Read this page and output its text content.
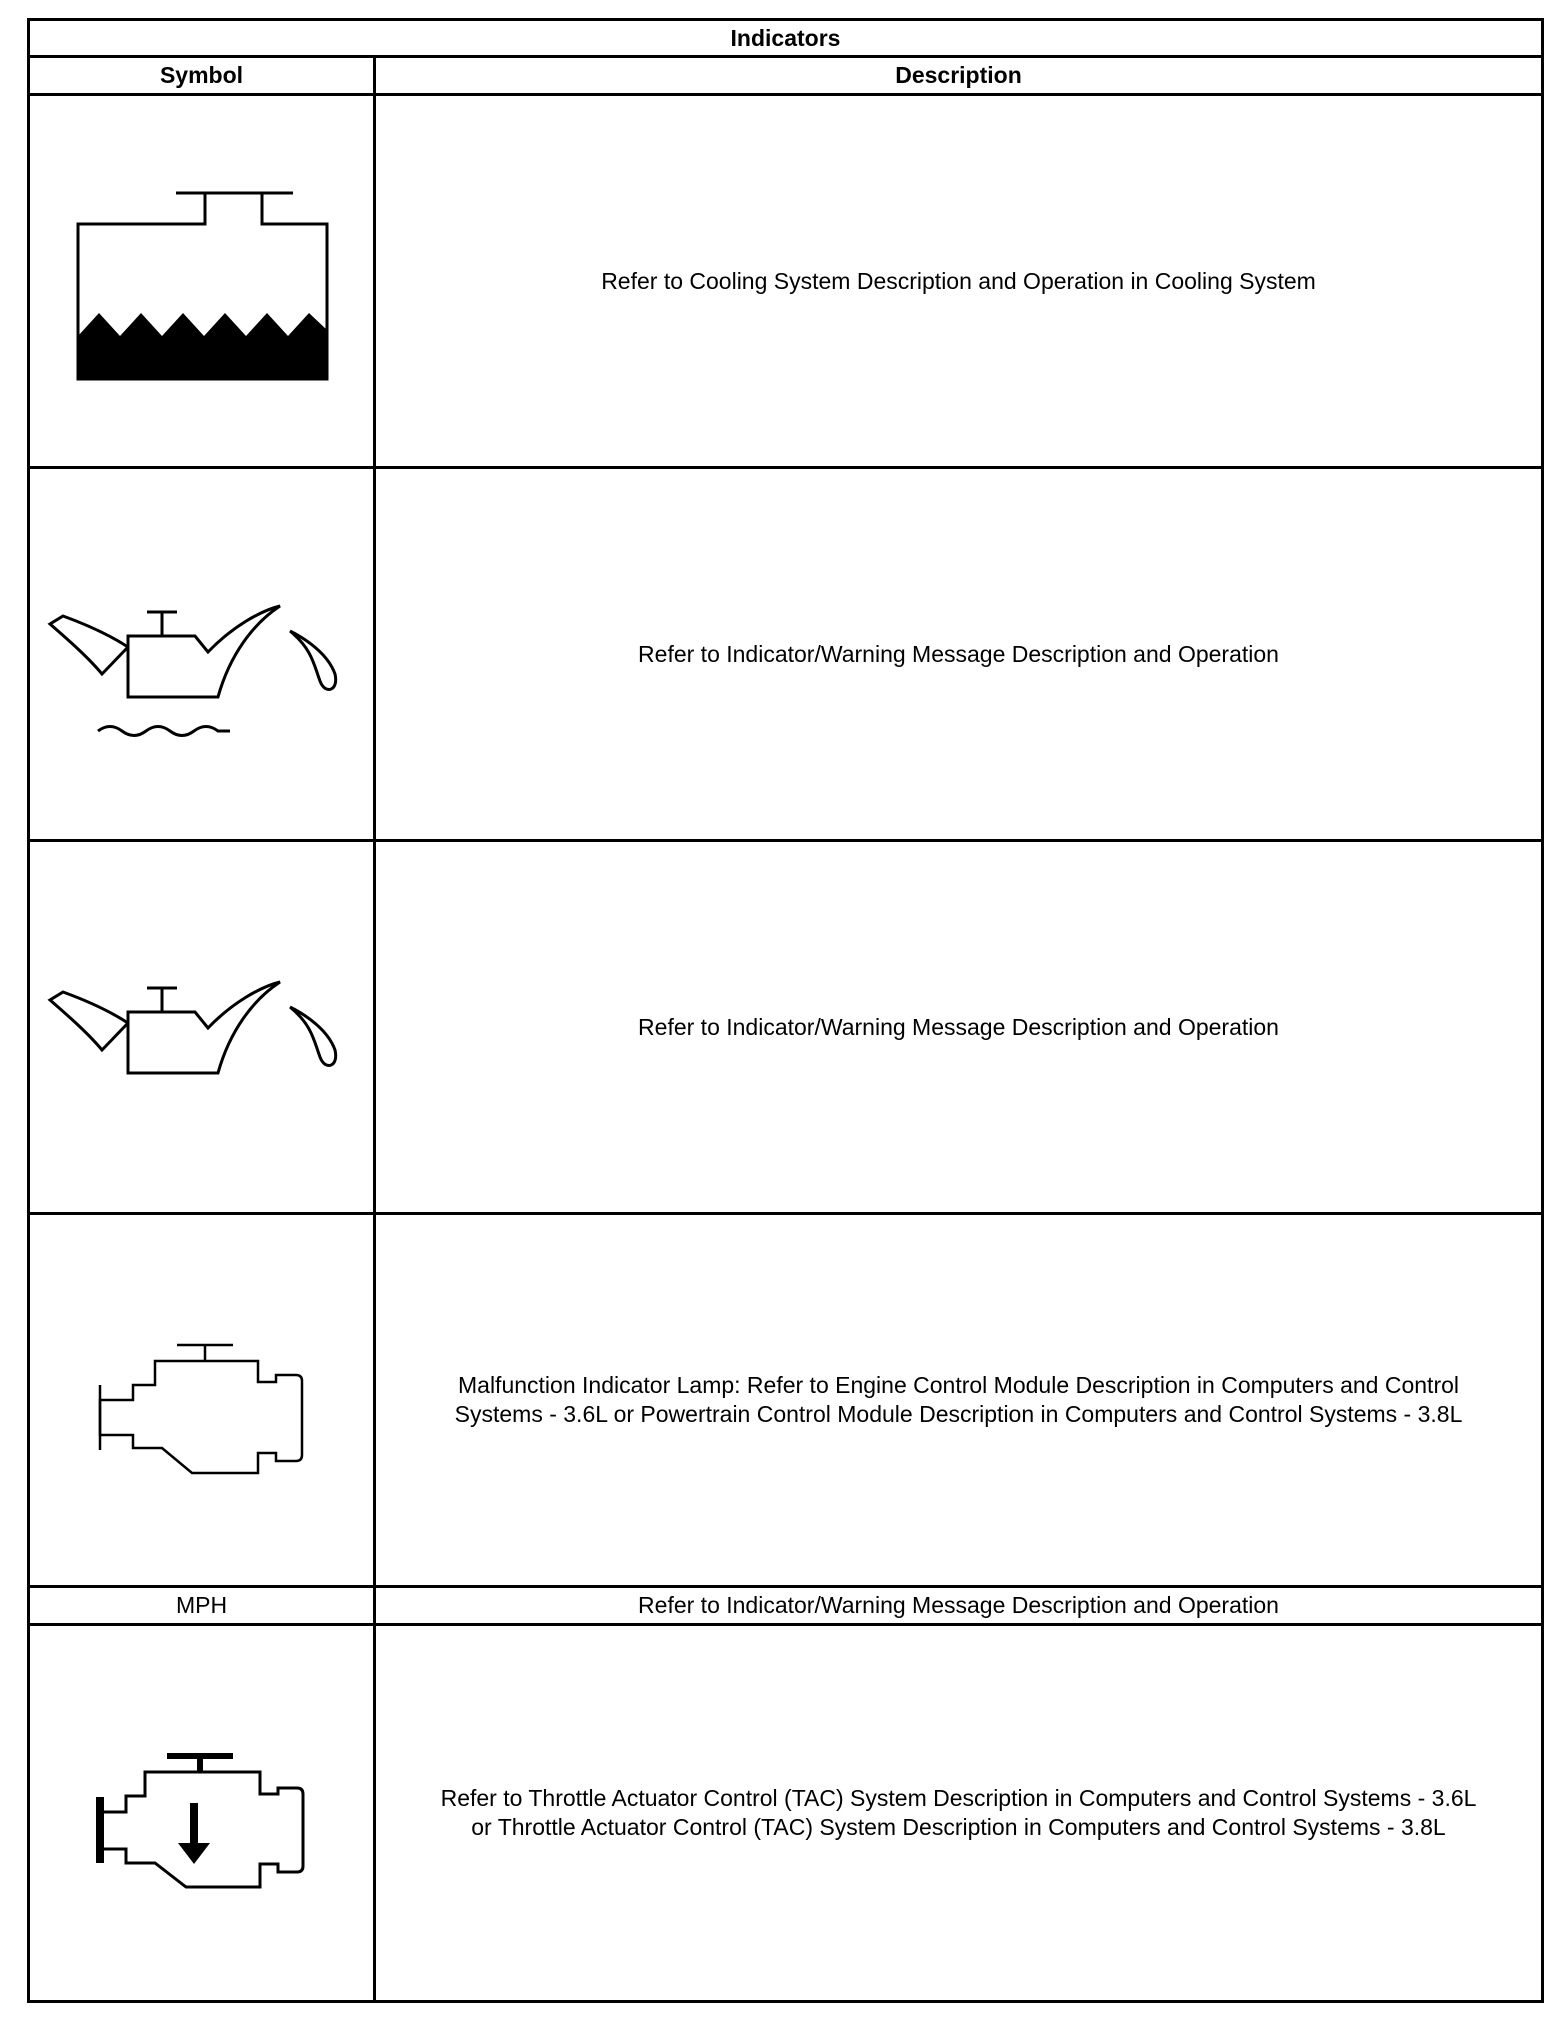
Indicators	
Symbol	Description

Refer to Cooling System Description and Operation in Cooling System

Refer to Indicator/Warning Message Description and Operation

Refer to Indicator/Warning Message Description and Operation

Malfunction Indicator Lamp: Refer to Engine Control Module Description in Computers and Control
Systems - 3.6L or Powertrain Control Module Description in Computers and Control Systems - 3.8L

MPH	Refer to Indicator/Warning Message Description and Operation

Refer to Throttle Actuator Control (TAC) System Description in Computers and Control Systems - 3.6L
or Throttle Actuator Control (TAC) System Description in Computers and Control Systems - 3.8L
